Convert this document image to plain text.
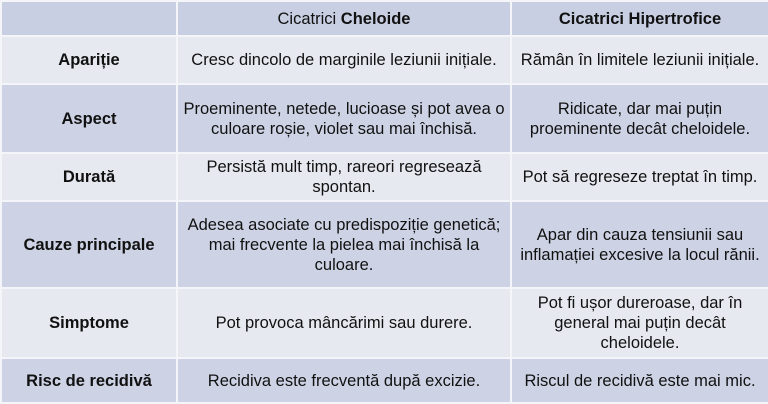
	Cicatrici Cheloide	Cicatrici Hipertrofice
Apariție	Cresc dincolo de marginile leziunii inițiale.	Rămân în limitele leziunii inițiale.
Aspect	Proeminente, netede, lucioase și pot avea o culoare roșie, violet sau mai închisă.	Ridicate, dar mai puțin proeminente decât cheloidele.
Durată	Persistă mult timp, rareori regresează spontan.	Pot să regreseze treptat în timp.
Cauze principale	Adesea asociate cu predispoziție genetică; mai frecvente la pielea mai închisă la culoare.	Apar din cauza tensiunii sau inflamației excesive la locul rănii.
Simptome	Pot provoca mâncărimi sau durere.	Pot fi ușor dureroase, dar în general mai puțin decât cheloidele.
Risc de recidivă	Recidiva este frecventă după excizie.	Riscul de recidivă este mai mic.
